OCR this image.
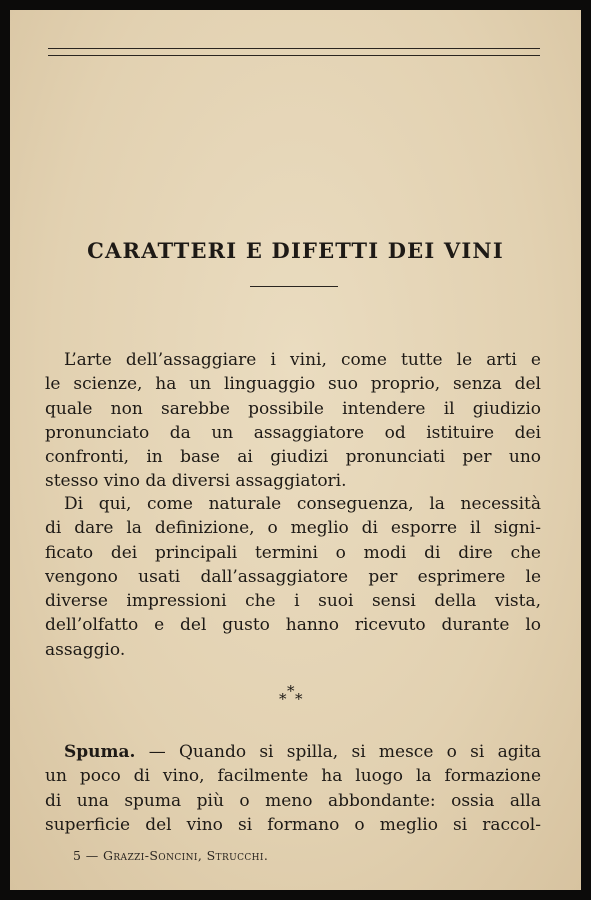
CARATTERI E DIFETTI DEI VINI
L’arte dell’assaggiare i vini, come tutte le arti e
le scienze, ha un linguaggio suo proprio, senza del
quale non sarebbe possibile intendere il giudizio
pronunciato da un assaggiatore od istituire dei
confronti, in base ai giudizi pronunciati per uno
stesso vino da diversi assaggiatori.
Di qui, come naturale conseguenza, la necessità
di dare la definizione, o meglio di esporre il signi-
ficato dei principali termini o modi di dire che
vengono usati dall’assaggiatore per esprimere le
diverse impressioni che i suoi sensi della vista,
dell’olfatto e del gusto hanno ricevuto durante lo
assaggio.
*
* *
Spuma. — Quando si spilla, si mesce o si agita
un poco di vino, facilmente ha luogo la formazione
di una spuma più o meno abbondante: ossia alla
superficie del vino si formano o meglio si raccol-
5 — Grazzi-Soncini, Strucchi.
